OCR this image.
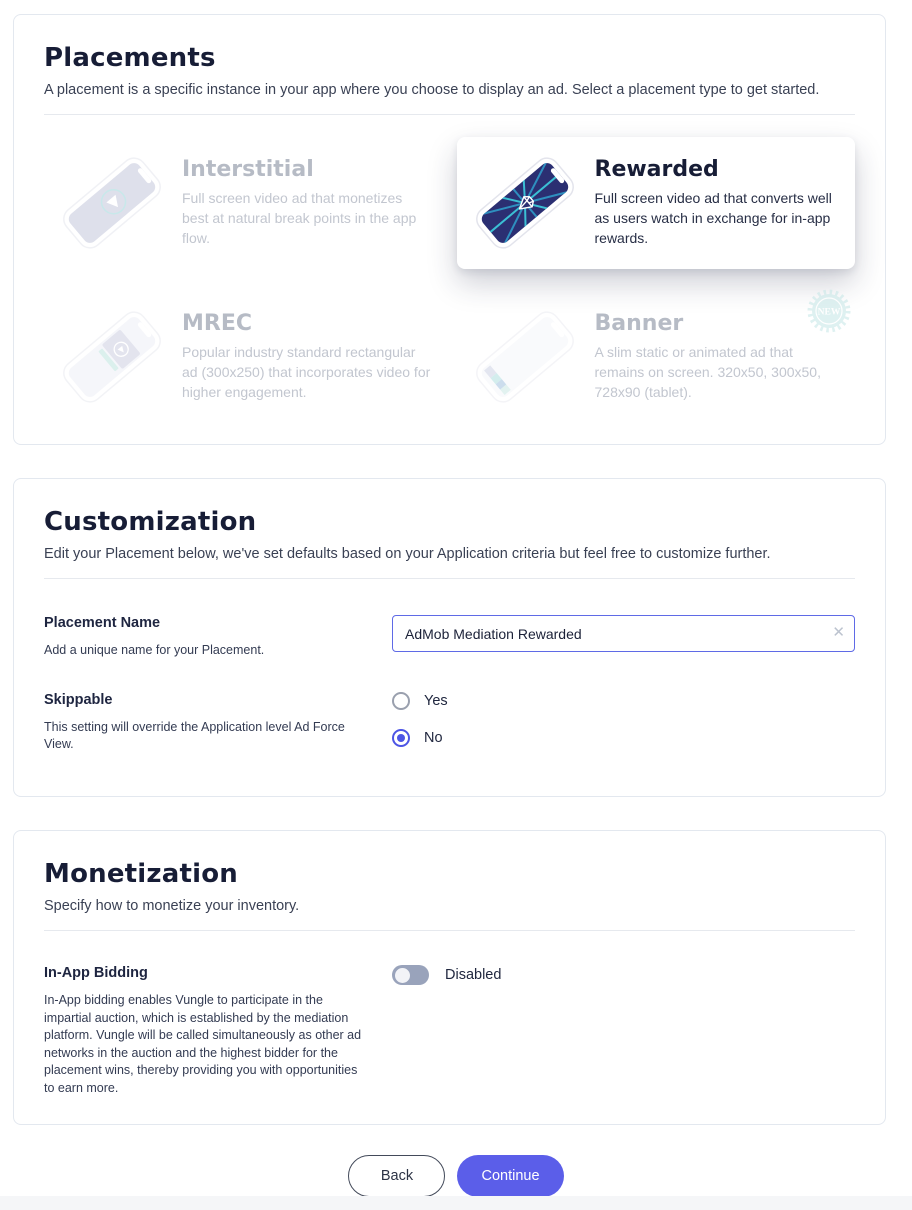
Placements

A placement is a specific instance in your app where you choose to display an ad. Select a placement type to get started.

Interstitial
Full screen video ad that monetizes best at natural break points in the app flow.
Rewarded
Full screen video ad that converts well as users watch in exchange for in-app rewards.
MREC
Popular industry standard rectangular ad (300x250) that incorporates video for higher engagement.
Banner
A slim static or animated ad that remains on screen. 320x50, 300x50, 728x90 (tablet).
NEW
Customization

Edit your Placement below, we've set defaults based on your Application criteria but feel free to customize further.

Placement Name
Add a unique name for your Placement.
AdMob Mediation Rewarded
✕
Skippable
This setting will override the Application level Ad Force View.
Yes
No
Monetization

Specify how to monetize your inventory.

In-App Bidding
In-App bidding enables Vungle to participate in the impartial auction, which is established by the mediation platform. Vungle will be called simultaneously as other ad networks in the auction and the highest bidder for the placement wins, thereby providing you with opportunities to earn more.
Disabled
Back	Continue
